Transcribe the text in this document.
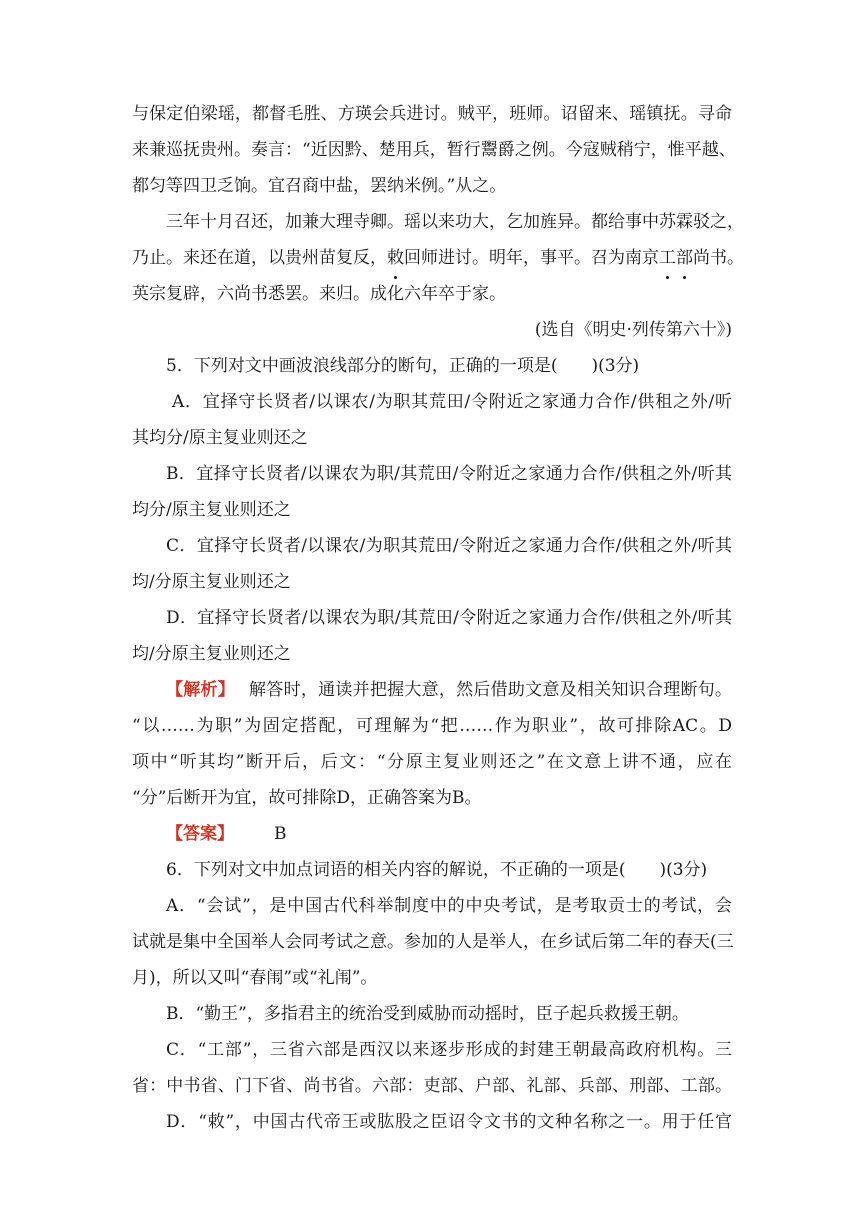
与保定伯梁瑶，都督毛胜、方瑛会兵进讨。贼平，班师。诏留来、瑶镇抚。寻命
来兼巡抚贵州。奏言：“近因黔、楚用兵，暂行鬻爵之例。今寇贼稍宁，惟平越、
都匀等四卫乏饷。宜召商中盐，罢纳米例。”从之。
三年十月召还，加兼大理寺卿。瑶以来功大，乞加旌异。都给事中苏霖驳之，
乃止。来还在道，以贵州苗复反，敕回师进讨。明年，事平。召为南京工部尚书。
英宗复辟，六尚书悉罢。来归。成化六年卒于家。
(选自《明史·列传第六十》)
5．下列对文中画波浪线部分的断句，正确的一项是(　　)(3分)
A．宜择守长贤者/以课农/为职其荒田/令附近之家通力合作/供租之外/听
其均分/原主复业则还之
B．宜择守长贤者/以课农为职/其荒田/令附近之家通力合作/供租之外/听其
均分/原主复业则还之
C．宜择守长贤者/以课农/为职其荒田/令附近之家通力合作/供租之外/听其
均/分原主复业则还之
D．宜择守长贤者/以课农为职/其荒田/令附近之家通力合作/供租之外/听其
均/分原主复业则还之
【解析】 解答时，通读并把握大意，然后借助文意及相关知识合理断句。
“以……为职”为固定搭配，可理解为“把……作为职业”，故可排除AC。D
项中“听其均”断开后，后文：“分原主复业则还之”在文意上讲不通，应在
“分”后断开为宜，故可排除D，正确答案为B。
【答案】 B
6．下列对文中加点词语的相关内容的解说，不正确的一项是(　　)(3分)
A．“会试”，是中国古代科举制度中的中央考试，是考取贡士的考试，会
试就是集中全国举人会同考试之意。参加的人是举人，在乡试后第二年的春天(三
月)，所以又叫“春闱”或“礼闱”。
B．“勤王”，多指君主的统治受到威胁而动摇时，臣子起兵救援王朝。
C．“工部”，三省六部是西汉以来逐步形成的封建王朝最高政府机构。三
省：中书省、门下省、尚书省。六部：吏部、户部、礼部、兵部、刑部、工部。
D．“敕”，中国古代帝王或肱股之臣诏令文书的文种名称之一。用于任官
